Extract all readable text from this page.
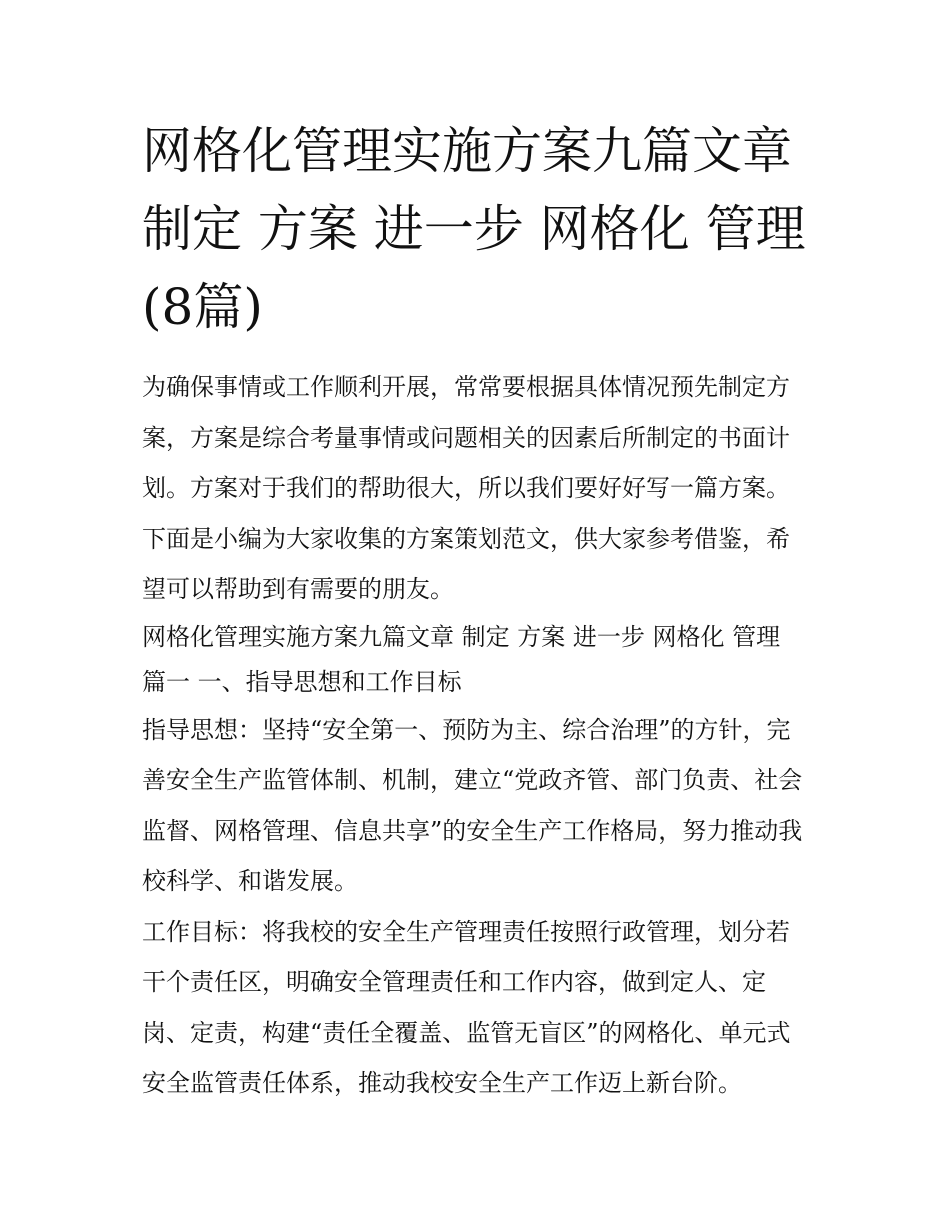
网格化管理实施方案九篇文章制定 方案 进一步 网格化 管理(8篇)

为确保事情或工作顺利开展，常常要根据具体情况预先制定方案，方案是综合考量事情或问题相关的因素后所制定的书面计划。方案对于我们的帮助很大，所以我们要好好写一篇方案。下面是小编为大家收集的方案策划范文，供大家参考借鉴，希望可以帮助到有需要的朋友。

网格化管理实施方案九篇文章 制定 方案 进一步 网格化 管理

篇一 一、指导思想和工作目标

指导思想：坚持“安全第一、预防为主、综合治理”的方针，完善安全生产监管体制、机制，建立“党政齐管、部门负责、社会监督、网格管理、信息共享”的安全生产工作格局，努力推动我校科学、和谐发展。

工作目标：将我校的安全生产管理责任按照行政管理，划分若干个责任区，明确安全管理责任和工作内容，做到定人、定岗、定责，构建“责任全覆盖、监管无盲区”的网格化、单元式安全监管责任体系，推动我校安全生产工作迈上新台阶。
